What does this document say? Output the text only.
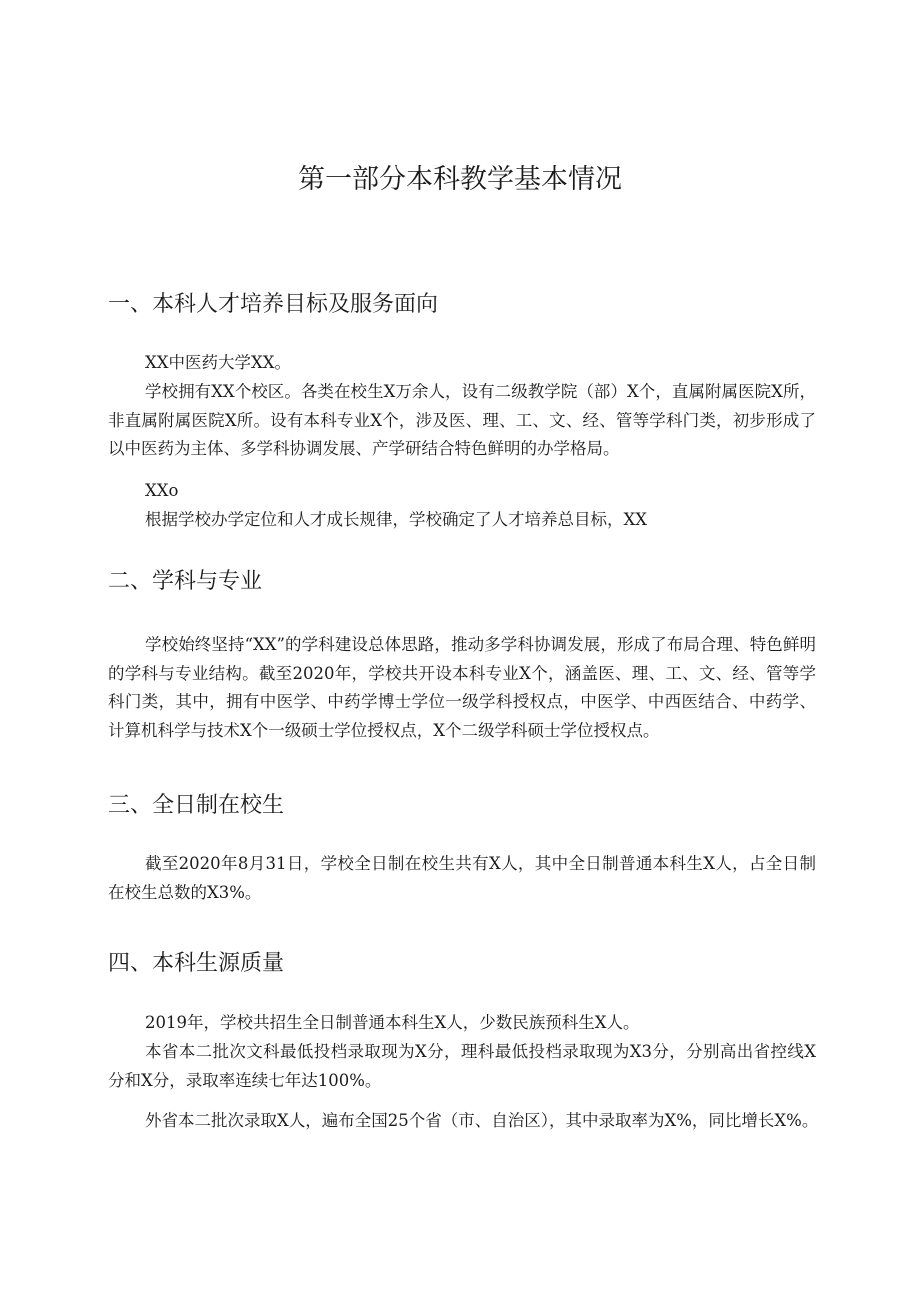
第一部分本科教学基本情况
一、本科人才培养目标及服务面向

XX中医药大学XX。

学校拥有XX个校区。各类在校生X万余人，设有二级教学院（部）X个，直属附属医院X所，非直属附属医院X所。设有本科专业X个，涉及医、理、工、文、经、管等学科门类，初步形成了以中医药为主体、多学科协调发展、产学研结合特色鲜明的办学格局。

XXo

根据学校办学定位和人才成长规律，学校确定了人才培养总目标，XX

二、学科与专业

学校始终坚持“XX”的学科建设总体思路，推动多学科协调发展，形成了布局合理、特色鲜明的学科与专业结构。截至2020年，学校共开设本科专业X个，涵盖医、理、工、文、经、管等学科门类，其中，拥有中医学、中药学博士学位一级学科授权点，中医学、中西医结合、中药学、计算机科学与技术X个一级硕士学位授权点，X个二级学科硕士学位授权点。

三、全日制在校生

截至2020年8月31日，学校全日制在校生共有X人，其中全日制普通本科生X人，占全日制在校生总数的X3%。

四、本科生源质量

2019年，学校共招生全日制普通本科生X人，少数民族预科生X人。

本省本二批次文科最低投档录取现为X分，理科最低投档录取现为X3分，分别高出省控线X分和X分，录取率连续七年达100%。

外省本二批次录取X人，遍布全国25个省（市、自治区），其中录取率为X%，同比增长X%。
